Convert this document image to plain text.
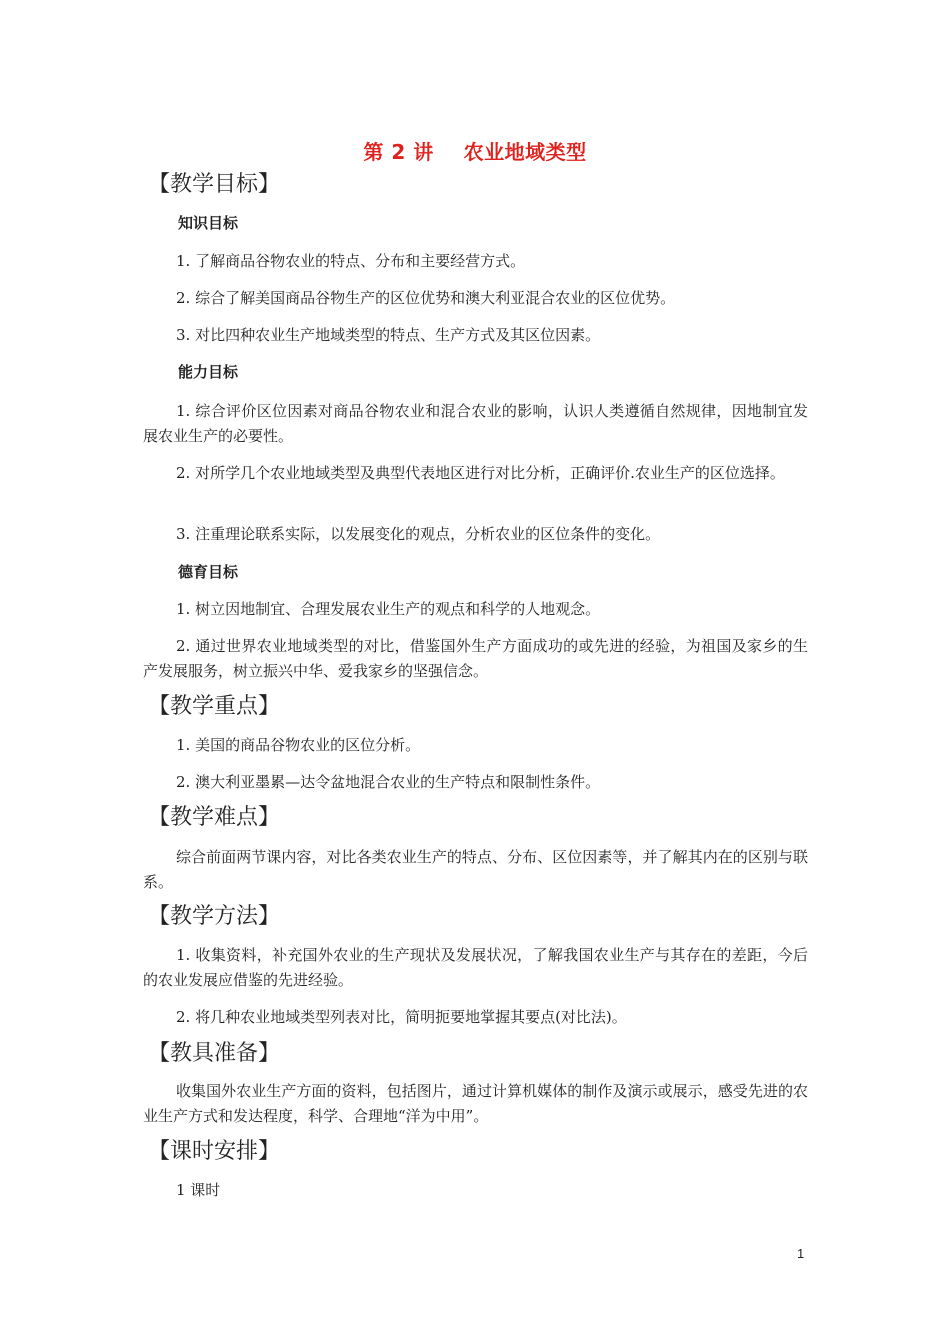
第 2 讲    农业地域类型
【教学目标】
知识目标
1. 了解商品谷物农业的特点、分布和主要经营方式。
2. 综合了解美国商品谷物生产的区位优势和澳大利亚混合农业的区位优势。
3. 对比四种农业生产地域类型的特点、生产方式及其区位因素。
能力目标
1. 综合评价区位因素对商品谷物农业和混合农业的影响，认识人类遵循自然规律，因地制宜发展农业生产的必要性。
2. 对所学几个农业地域类型及典型代表地区进行对比分析，正确评价.农业生产的区位选择。
3. 注重理论联系实际，以发展变化的观点，分析农业的区位条件的变化。
德育目标
1. 树立因地制宜、合理发展农业生产的观点和科学的人地观念。
2. 通过世界农业地域类型的对比，借鉴国外生产方面成功的或先进的经验，为祖国及家乡的生产发展服务，树立振兴中华、爱我家乡的坚强信念。
【教学重点】
1. 美国的商品谷物农业的区位分析。
2. 澳大利亚墨累—达令盆地混合农业的生产特点和限制性条件。
【教学难点】
综合前面两节课内容，对比各类农业生产的特点、分布、区位因素等，并了解其内在的区别与联系。
【教学方法】
1. 收集资料，补充国外农业的生产现状及发展状况，了解我国农业生产与其存在的差距，今后的农业发展应借鉴的先进经验。
2. 将几种农业地域类型列表对比，简明扼要地掌握其要点(对比法)。
【教具准备】
收集国外农业生产方面的资料，包括图片，通过计算机媒体的制作及演示或展示，感受先进的农业生产方式和发达程度，科学、合理地“洋为中用”。
【课时安排】
1 课时
1
